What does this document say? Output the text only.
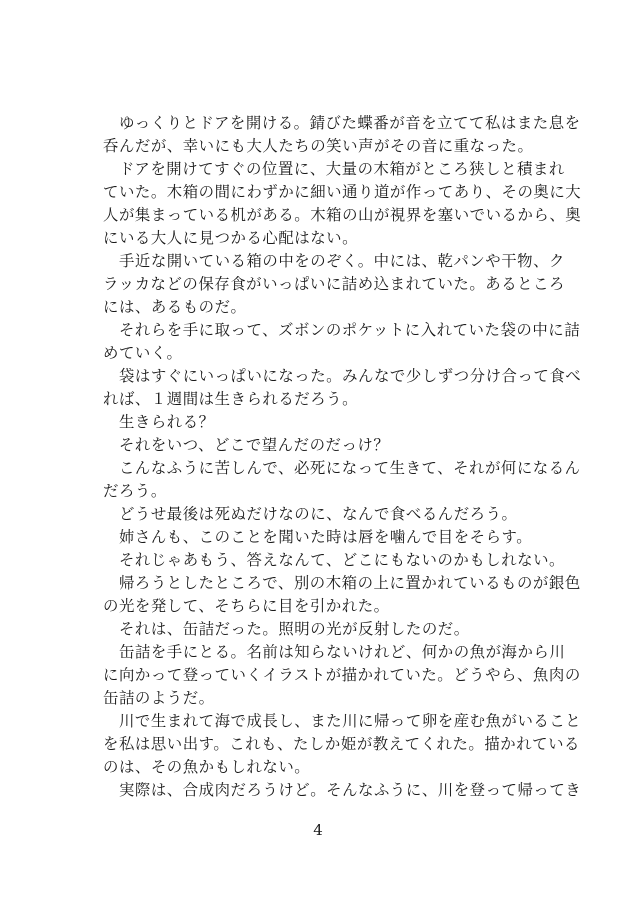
　ゆっくりとドアを開ける。錆びた蝶番が音を立てて私はまた息を
呑んだが、幸いにも大人たちの笑い声がその音に重なった。
　ドアを開けてすぐの位置に、大量の木箱がところ狭しと積まれ
ていた。木箱の間にわずかに細い通り道が作ってあり、その奥に大
人が集まっている机がある。木箱の山が視界を塞いでいるから、奥
にいる大人に見つかる心配はない。
　手近な開いている箱の中をのぞく。中には、乾パンや干物、ク
ラッカなどの保存食がいっぱいに詰め込まれていた。あるところ
には、あるものだ。
　それらを手に取って、ズボンのポケットに入れていた袋の中に詰
めていく。
　袋はすぐにいっぱいになった。みんなで少しずつ分け合って食べ
れば、１週間は生きられるだろう。
　生きられる？
　それをいつ、どこで望んだのだっけ？
　こんなふうに苦しんで、必死になって生きて、それが何になるん
だろう。
　どうせ最後は死ぬだけなのに、なんで食べるんだろう。
　姉さんも、このことを聞いた時は唇を噛んで目をそらす。
　それじゃあもう、答えなんて、どこにもないのかもしれない。
　帰ろうとしたところで、別の木箱の上に置かれているものが銀色
の光を発して、そちらに目を引かれた。
　それは、缶詰だった。照明の光が反射したのだ。
　缶詰を手にとる。名前は知らないけれど、何かの魚が海から川
に向かって登っていくイラストが描かれていた。どうやら、魚肉の
缶詰のようだ。
　川で生まれて海で成長し、また川に帰って卵を産む魚がいること
を私は思い出す。これも、たしか姫が教えてくれた。描かれている
のは、その魚かもしれない。
　実際は、合成肉だろうけど。そんなふうに、川を登って帰ってき
4
